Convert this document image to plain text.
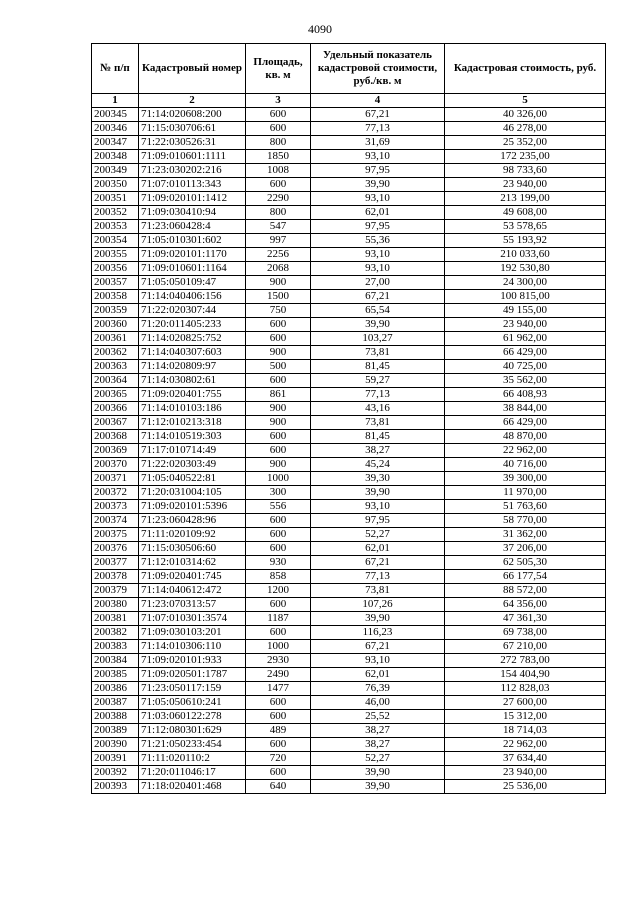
4090
№ п/п	Кадастровый номер	Площадь, кв. м	Удельный показатель кадастровой стоимости, руб./кв. м	Кадастровая стоимость, руб.
1	2	3	4	5
200345	71:14:020608:200	600	67,21	40 326,00
200346	71:15:030706:61	600	77,13	46 278,00
200347	71:22:030526:31	800	31,69	25 352,00
200348	71:09:010601:1111	1850	93,10	172 235,00
200349	71:23:030202:216	1008	97,95	98 733,60
200350	71:07:010113:343	600	39,90	23 940,00
200351	71:09:020101:1412	2290	93,10	213 199,00
200352	71:09:030410:94	800	62,01	49 608,00
200353	71:23:060428:4	547	97,95	53 578,65
200354	71:05:010301:602	997	55,36	55 193,92
200355	71:09:020101:1170	2256	93,10	210 033,60
200356	71:09:010601:1164	2068	93,10	192 530,80
200357	71:05:050109:47	900	27,00	24 300,00
200358	71:14:040406:156	1500	67,21	100 815,00
200359	71:22:020307:44	750	65,54	49 155,00
200360	71:20:011405:233	600	39,90	23 940,00
200361	71:14:020825:752	600	103,27	61 962,00
200362	71:14:040307:603	900	73,81	66 429,00
200363	71:14:020809:97	500	81,45	40 725,00
200364	71:14:030802:61	600	59,27	35 562,00
200365	71:09:020401:755	861	77,13	66 408,93
200366	71:14:010103:186	900	43,16	38 844,00
200367	71:12:010213:318	900	73,81	66 429,00
200368	71:14:010519:303	600	81,45	48 870,00
200369	71:17:010714:49	600	38,27	22 962,00
200370	71:22:020303:49	900	45,24	40 716,00
200371	71:05:040522:81	1000	39,30	39 300,00
200372	71:20:031004:105	300	39,90	11 970,00
200373	71:09:020101:5396	556	93,10	51 763,60
200374	71:23:060428:96	600	97,95	58 770,00
200375	71:11:020109:92	600	52,27	31 362,00
200376	71:15:030506:60	600	62,01	37 206,00
200377	71:12:010314:62	930	67,21	62 505,30
200378	71:09:020401:745	858	77,13	66 177,54
200379	71:14:040612:472	1200	73,81	88 572,00
200380	71:23:070313:57	600	107,26	64 356,00
200381	71:07:010301:3574	1187	39,90	47 361,30
200382	71:09:030103:201	600	116,23	69 738,00
200383	71:14:010306:110	1000	67,21	67 210,00
200384	71:09:020101:933	2930	93,10	272 783,00
200385	71:09:020501:1787	2490	62,01	154 404,90
200386	71:23:050117:159	1477	76,39	112 828,03
200387	71:05:050610:241	600	46,00	27 600,00
200388	71:03:060122:278	600	25,52	15 312,00
200389	71:12:080301:629	489	38,27	18 714,03
200390	71:21:050233:454	600	38,27	22 962,00
200391	71:11:020110:2	720	52,27	37 634,40
200392	71:20:011046:17	600	39,90	23 940,00
200393	71:18:020401:468	640	39,90	25 536,00
